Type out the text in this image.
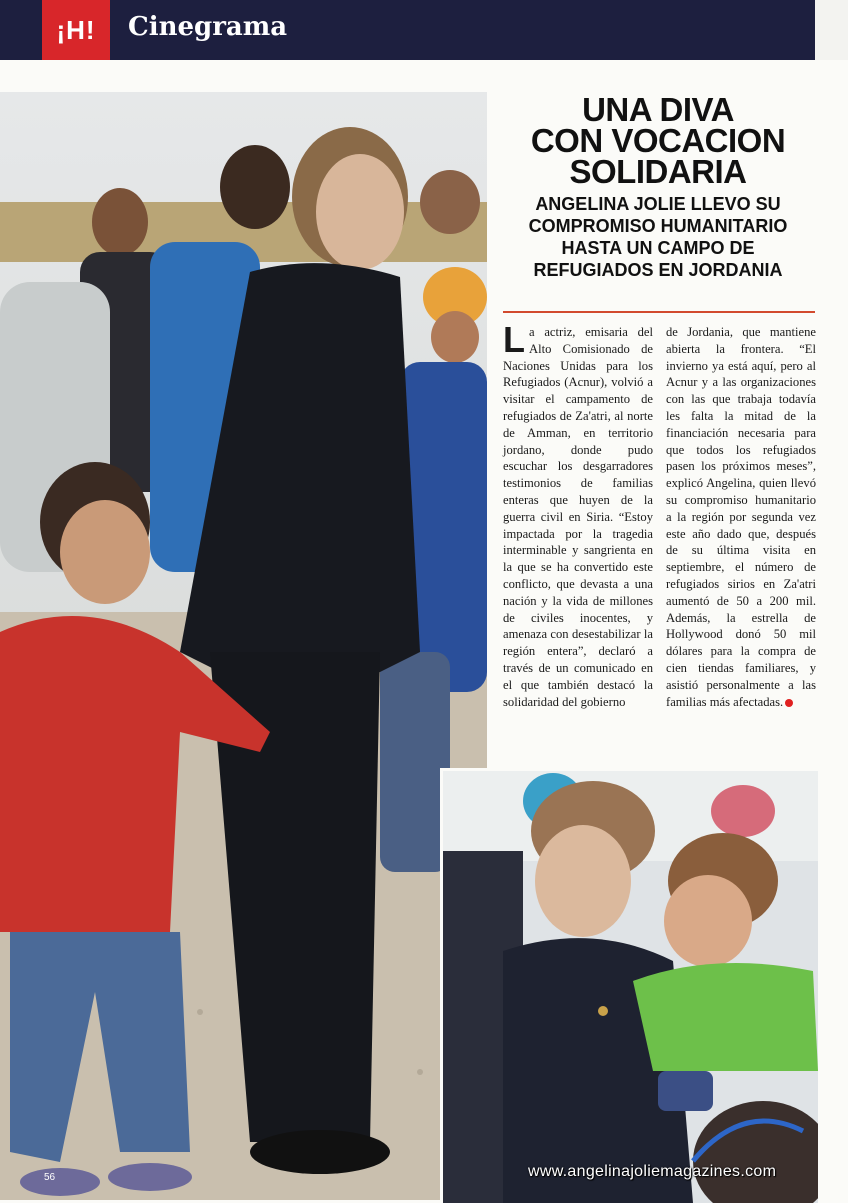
¡H!	Cinegrama
UNA DIVA
CON VOCACION
SOLIDARIA
ANGELINA JOLIE LLEVO SU
COMPROMISO HUMANITARIO
HASTA UN CAMPO DE
REFUGIADOS EN JORDANIA
La actriz, emisaria del Alto Comisionado de Naciones Unidas para los Refugiados (Acnur), volvió a visitar el campamento de refugiados de Za'atri, al norte de Amman, en territorio jordano, donde pudo escuchar los desgarradores testimonios de familias enteras que huyen de la guerra civil en Siria. “Estoy impactada por la tragedia interminable y sangrienta en la que se ha convertido este conflicto, que devasta a una nación y la vida de millones de civiles inocentes, y amenaza con desestabilizar la región entera”, declaró a través de un comunicado en el que también destacó la solidaridad del gobierno
de Jordania, que mantiene abierta la frontera. “El invierno ya está aquí, pero al Acnur y a las organizaciones con las que trabaja todavía les falta la mitad de la financiación necesaria para que todos los refugiados pasen los próximos meses”, explicó Angelina, quien llevó su compromiso humanitario a la región por segunda vez este año dado que, después de su última visita en septiembre, el número de refugiados sirios en Za'atri aumentó de 50 a 200 mil. Además, la estrella de Hollywood donó 50 mil dólares para la compra de cien tiendas familiares, y asistió personalmente a las familias más afectadas.
56	www.angelinajoliemagazines.com
